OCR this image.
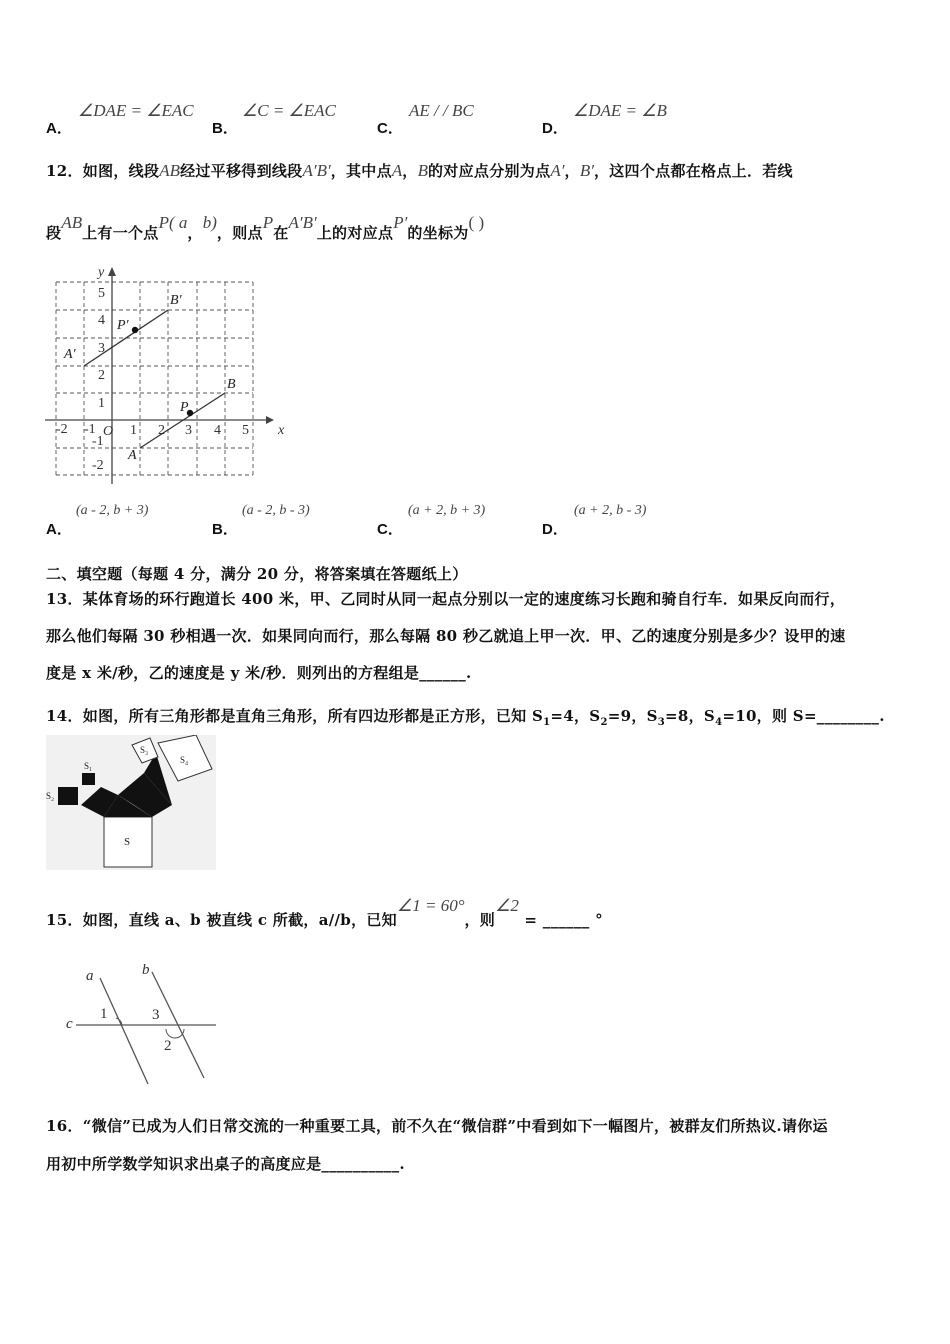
A．
∠DAE = ∠EAC
B．
∠C = ∠EAC
C．
AE / / BC
D．
∠DAE = ∠B
12．如图，线段AB经过平移得到线段A′B′，其中点A，B的对应点分别为点A′，B′，这四个点都在格点上．若线
段AB上有一个点P( a，b)，则点P在A′B′上的对应点P′的坐标为( )
x
y
O
-2 -1 1 2 3 4 5
5
4
3
2
1
-1
-2
A
B
P
A′
B′
P′
A．
(a - 2, b + 3)
B．
(a - 2, b - 3)
C．
(a + 2, b + 3)
D．
(a + 2, b - 3)
二、填空题（每题 4 分，满分 20 分，将答案填在答题纸上）
13．某体育场的环行跑道长 400 米，甲、乙同时从同一起点分别以一定的速度练习长跑和骑自行车．如果反向而行，
那么他们每隔 30 秒相遇一次．如果同向而行，那么每隔 80 秒乙就追上甲一次．甲、乙的速度分别是多少？设甲的速
度是 x 米/秒，乙的速度是 y 米/秒．则列出的方程组是______.
14．如图，所有三角形都是直角三角形，所有四边形都是正方形，已知 $S_1=4$，$S_2=9$，$S_3=8$，$S_4=10$，则 S=________.
S₂
S₁
S₃
S₄
S
15．如图，直线 a、b 被直线 c 所截，a//b，已知∠1 = 60°，则∠2 = ______ °
a	b
c
1	3
2
16．“微信”已成为人们日常交流的一种重要工具，前不久在“微信群”中看到如下一幅图片，被群友们所热议.请你运
用初中所学数学知识求出桌子的高度应是__________.
